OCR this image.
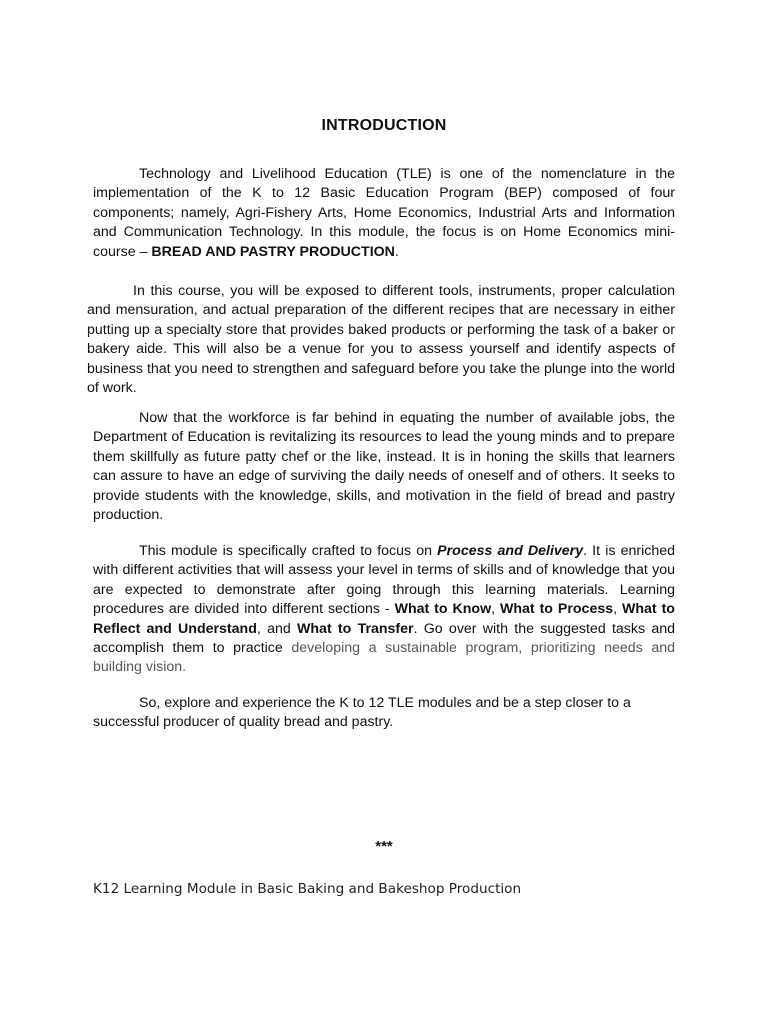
INTRODUCTION

Technology and Livelihood Education (TLE) is one of the nomenclature in the implementation of the K to 12 Basic Education Program (BEP) composed of four components; namely, Agri-Fishery Arts, Home Economics, Industrial Arts and Information and Communication Technology. In this module, the focus is on Home Economics mini-course – BREAD AND PASTRY PRODUCTION.

In this course, you will be exposed to different tools, instruments, proper calculation and mensuration, and actual preparation of the different recipes that are necessary in either putting up a specialty store that provides baked products or performing the task of a baker or bakery aide. This will also be a venue for you to assess yourself and identify aspects of business that you need to strengthen and safeguard before you take the plunge into the world of work.

Now that the workforce is far behind in equating the number of available jobs, the Department of Education is revitalizing its resources to lead the young minds and to prepare them skillfully as future patty chef or the like, instead. It is in honing the skills that learners can assure to have an edge of surviving the daily needs of oneself and of others. It seeks to provide students with the knowledge, skills, and motivation in the field of bread and pastry production.

This module is specifically crafted to focus on Process and Delivery. It is enriched with different activities that will assess your level in terms of skills and of knowledge that you are expected to demonstrate after going through this learning materials. Learning procedures are divided into different sections - What to Know, What to Process, What to Reflect and Understand, and What to Transfer. Go over with the suggested tasks and accomplish them to practice developing a sustainable program, prioritizing needs and building vision.

So, explore and experience the K to 12 TLE modules and be a step closer to a successful producer of quality bread and pastry.

***
K12 Learning Module in Basic Baking and Bakeshop Production
